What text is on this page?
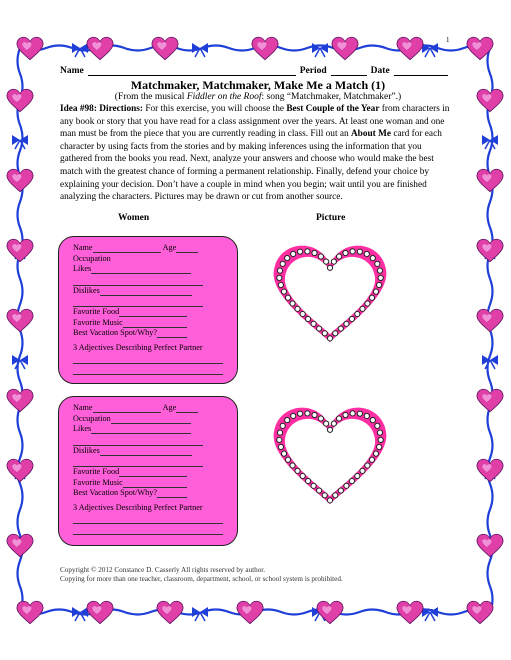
1
Name	Period	Date
Matchmaker, Matchmaker, Make Me a Match (1)
(From the musical Fiddler on the Roof: song “Matchmaker, Matchmaker”.)
Idea #98: Directions: For this exercise, you will choose the Best Couple of the Year from characters in any book or story that you have read for a class assignment over the years. At least one woman and one man must be from the piece that you are currently reading in class. Fill out an About Me card for each character by using facts from the stories and by making inferences using the information that you gathered from the books you read. Next, analyze your answers and choose who would make the best match with the greatest chance of forming a permanent relationship. Finally, defend your choice by explaining your decision. Don’t have a couple in mind when you begin; wait until you are finished analyzing the characters. Pictures may be drawn or cut from another source.
Women	Picture
Name	Age
Occupation
Likes
Dislikes
Favorite Food
Favorite Music
Best Vacation Spot/Why?
3 Adjectives Describing Perfect Partner
Name	Age
Occupation
Likes
Dislikes
Favorite Food
Favorite Music
Best Vacation Spot/Why?
3 Adjectives Describing Perfect Partner
Copyright © 2012 Constance D. Casserly All rights reserved by author.
Copying for more than one teacher, classroom, department, school, or school system is prohibited.
